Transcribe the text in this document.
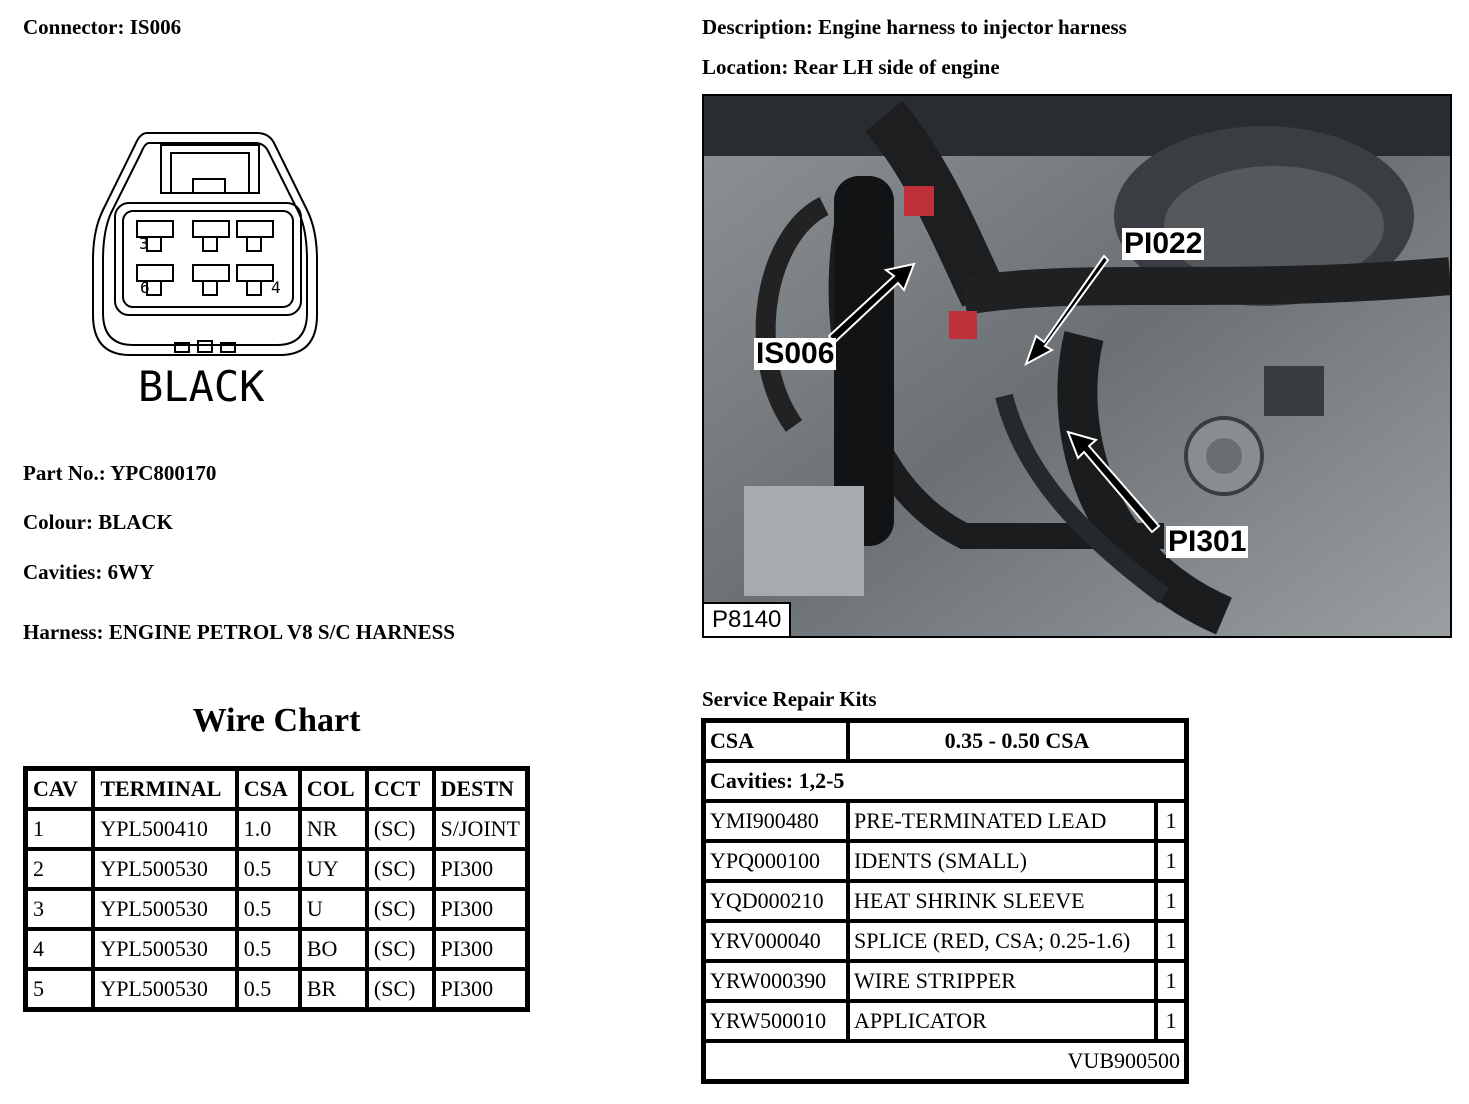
Connector: IS006	Description: Engine harness to injector harness
Location: Rear LH side of engine
3
6	4
BLACK
Part No.: YPC800170
Colour: BLACK
Cavities: 6WY
Harness: ENGINE PETROL V8 S/C HARNESS
Wire Chart
CAV	TERMINAL	CSA	COL	CCT	DESTN
1	YPL500410	1.0	NR	(SC)	S/JOINT
2	YPL500530	0.5	UY	(SC)	PI300
3	YPL500530	0.5	U	(SC)	PI300
4	YPL500530	0.5	BO	(SC)	PI300
5	YPL500530	0.5	BR	(SC)	PI300
PI022
IS006
PI301
P8140
Service Repair Kits
CSA	0.35 - 0.50 CSA	
Cavities: 1,2-5		
YMI900480	PRE-TERMINATED LEAD	1
YPQ000100	IDENTS (SMALL)	1
YQD000210	HEAT SHRINK SLEEVE	1
YRV000040	SPLICE (RED, CSA; 0.25-1.6)	1
YRW000390	WIRE STRIPPER	1
YRW500010	APPLICATOR	1
VUB900500		
